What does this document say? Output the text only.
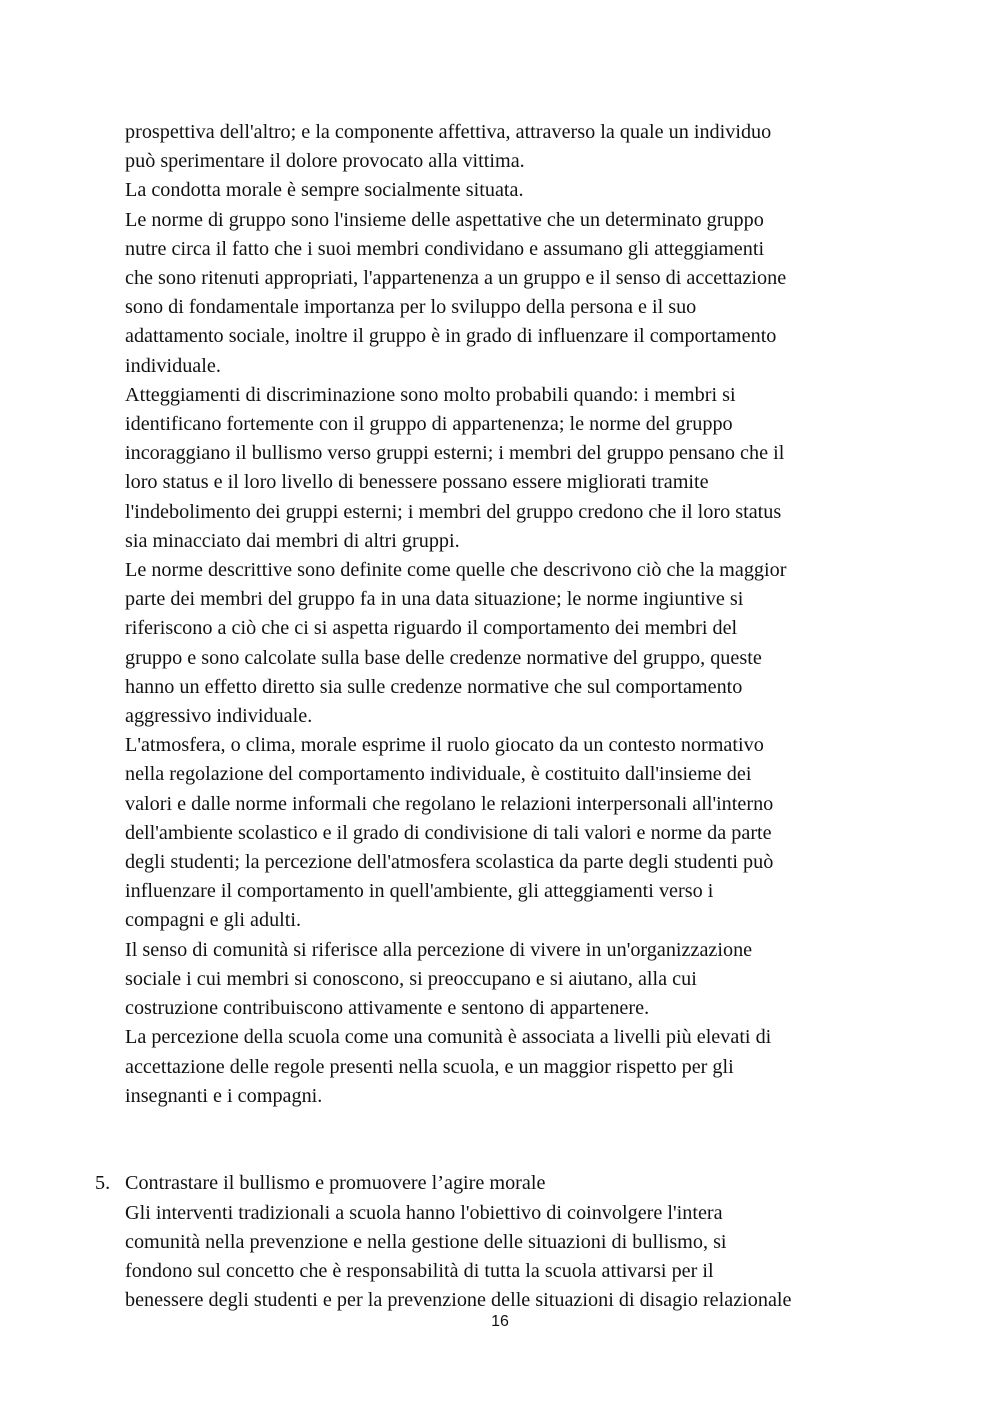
prospettiva dell'altro; e la componente affettiva, attraverso la quale un individuo
può sperimentare il dolore provocato alla vittima.
La condotta morale è sempre socialmente situata.
Le norme di gruppo sono l'insieme delle aspettative che un determinato gruppo
nutre circa il fatto che i suoi membri condividano e assumano gli atteggiamenti
che sono ritenuti appropriati, l'appartenenza a un gruppo e il senso di accettazione
sono di fondamentale importanza per lo sviluppo della persona e il suo
adattamento sociale, inoltre il gruppo è in grado di influenzare il comportamento
individuale.
Atteggiamenti di discriminazione sono molto probabili quando: i membri si
identificano fortemente con il gruppo di appartenenza; le norme del gruppo
incoraggiano il bullismo verso gruppi esterni; i membri del gruppo pensano che il
loro status e il loro livello di benessere possano essere migliorati tramite
l'indebolimento dei gruppi esterni; i membri del gruppo credono che il loro status
sia minacciato dai membri di altri gruppi.
Le norme descrittive sono definite come quelle che descrivono ciò che la maggior
parte dei membri del gruppo fa in una data situazione; le norme ingiuntive si
riferiscono a ciò che ci si aspetta riguardo il comportamento dei membri del
gruppo e sono calcolate sulla base delle credenze normative del gruppo, queste
hanno un effetto diretto sia sulle credenze normative che sul comportamento
aggressivo individuale.
L'atmosfera, o clima, morale esprime il ruolo giocato da un contesto normativo
nella regolazione del comportamento individuale, è costituito dall'insieme dei
valori e dalle norme informali che regolano le relazioni interpersonali all'interno
dell'ambiente scolastico e il grado di condivisione di tali valori e norme da parte
degli studenti; la percezione dell'atmosfera scolastica da parte degli studenti può
influenzare il comportamento in quell'ambiente, gli atteggiamenti verso i
compagni e gli adulti.
Il senso di comunità si riferisce alla percezione di vivere in un'organizzazione
sociale i cui membri si conoscono, si preoccupano e si aiutano, alla cui
costruzione contribuiscono attivamente e sentono di appartenere.
La percezione della scuola come una comunità è associata a livelli più elevati di
accettazione delle regole presenti nella scuola, e un maggior rispetto per gli
insegnanti e i compagni.
5. Contrastare il bullismo e promuovere l’agire morale
Gli interventi tradizionali a scuola hanno l'obiettivo di coinvolgere l'intera
comunità nella prevenzione e nella gestione delle situazioni di bullismo, si
fondono sul concetto che è responsabilità di tutta la scuola attivarsi per il
benessere degli studenti e per la prevenzione delle situazioni di disagio relazionale
16
